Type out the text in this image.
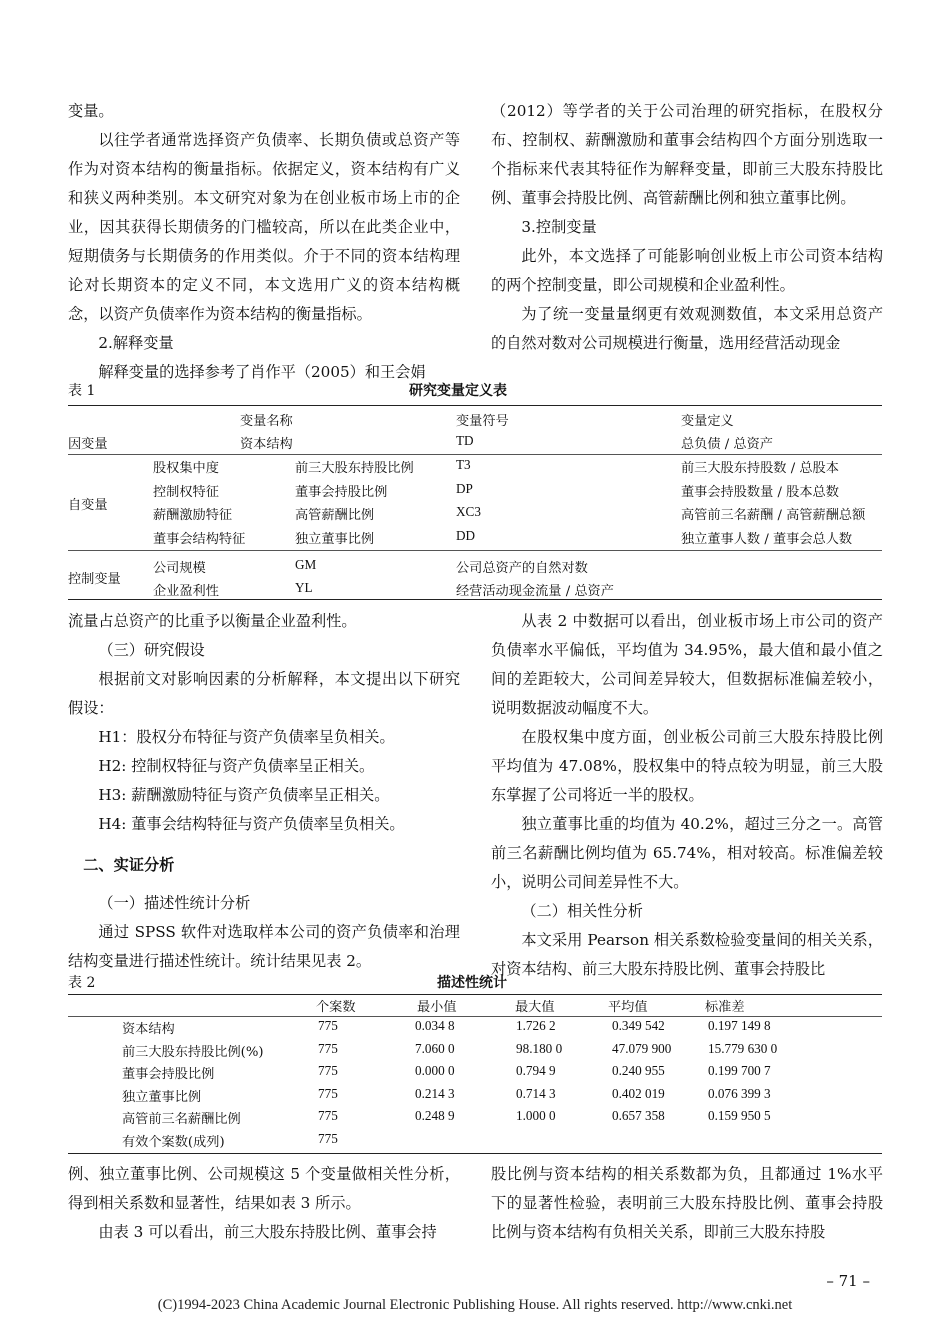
变量。

以往学者通常选择资产负债率、长期负债或总资产等作为对资本结构的衡量指标。依据定义，资本结构有广义和狭义两种类别。本文研究对象为在创业板市场上市的企业，因其获得长期债务的门槛较高，所以在此类企业中，短期债务与长期债务的作用类似。介于不同的资本结构理论对长期资本的定义不同，本文选用广义的资本结构概念，以资产负债率作为资本结构的衡量指标。

2.解释变量

解释变量的选择参考了肖作平（2005）和王会娟

（2012）等学者的关于公司治理的研究指标，在股权分布、控制权、薪酬激励和董事会结构四个方面分别选取一个指标来代表其特征作为解释变量，即前三大股东持股比例、董事会持股比例、高管薪酬比例和独立董事比例。

3.控制变量

此外，本文选择了可能影响创业板上市公司资本结构的两个控制变量，即公司规模和企业盈利性。

为了统一变量量纲更有效观测数值，本文采用总资产的自然对数对公司规模进行衡量，选用经营活动现金

表 1	研究变量定义表
变量名称	变量符号	变量定义
因变量	资本结构	TD	总负债 / 总资产
自变量
股权集中度	前三大股东持股比例	T3	前三大股东持股数 / 总股本
控制权特征	董事会持股比例	DP	董事会持股数量 / 股本总数
薪酬激励特征	高管薪酬比例	XC3	高管前三名薪酬 / 高管薪酬总额
董事会结构特征	独立董事比例	DD	独立董事人数 / 董事会总人数
控制变量
公司规模	GM	公司总资产的自然对数
企业盈利性	YL	经营活动现金流量 / 总资产

流量占总资产的比重予以衡量企业盈利性。

（三）研究假设

根据前文对影响因素的分析解释，本文提出以下研究假设：

H1：股权分布特征与资产负债率呈负相关。

H2: 控制权特征与资产负债率呈正相关。

H3: 薪酬激励特征与资产负债率呈正相关。

H4: 董事会结构特征与资产负债率呈负相关。

二、实证分析

（一）描述性统计分析

通过 SPSS 软件对选取样本公司的资产负债率和治理结构变量进行描述性统计。统计结果见表 2。

从表 2 中数据可以看出，创业板市场上市公司的资产负债率水平偏低，平均值为 34.95%，最大值和最小值之间的差距较大，公司间差异较大，但数据标准偏差较小，说明数据波动幅度不大。

在股权集中度方面，创业板公司前三大股东持股比例平均值为 47.08%，股权集中的特点较为明显，前三大股东掌握了公司将近一半的股权。

独立董事比重的均值为 40.2%，超过三分之一。高管前三名薪酬比例均值为 65.74%，相对较高。标准偏差较小，说明公司间差异性不大。

（二）相关性分析

本文采用 Pearson 相关系数检验变量间的相关关系，对资本结构、前三大股东持股比例、董事会持股比

表 2	描述性统计
个案数	最小值	最大值	平均值	标准差
资本结构	775	0.034 8	1.726 2	0.349 542	0.197 149 8
前三大股东持股比例(%)	775	7.060 0	98.180 0	47.079 900	15.779 630 0
董事会持股比例	775	0.000 0	0.794 9	0.240 955	0.199 700 7
独立董事比例	775	0.214 3	0.714 3	0.402 019	0.076 399 3
高管前三名薪酬比例	775	0.248 9	1.000 0	0.657 358	0.159 950 5
有效个案数(成列)	775

例、独立董事比例、公司规模这 5 个变量做相关性分析，得到相关系数和显著性，结果如表 3 所示。

由表 3 可以看出，前三大股东持股比例、董事会持

股比例与资本结构的相关系数都为负，且都通过 1%水平下的显著性检验，表明前三大股东持股比例、董事会持股比例与资本结构有负相关关系，即前三大股东持股

– 71 –
(C)1994-2023 China Academic Journal Electronic Publishing House. All rights reserved. http://www.cnki.net
